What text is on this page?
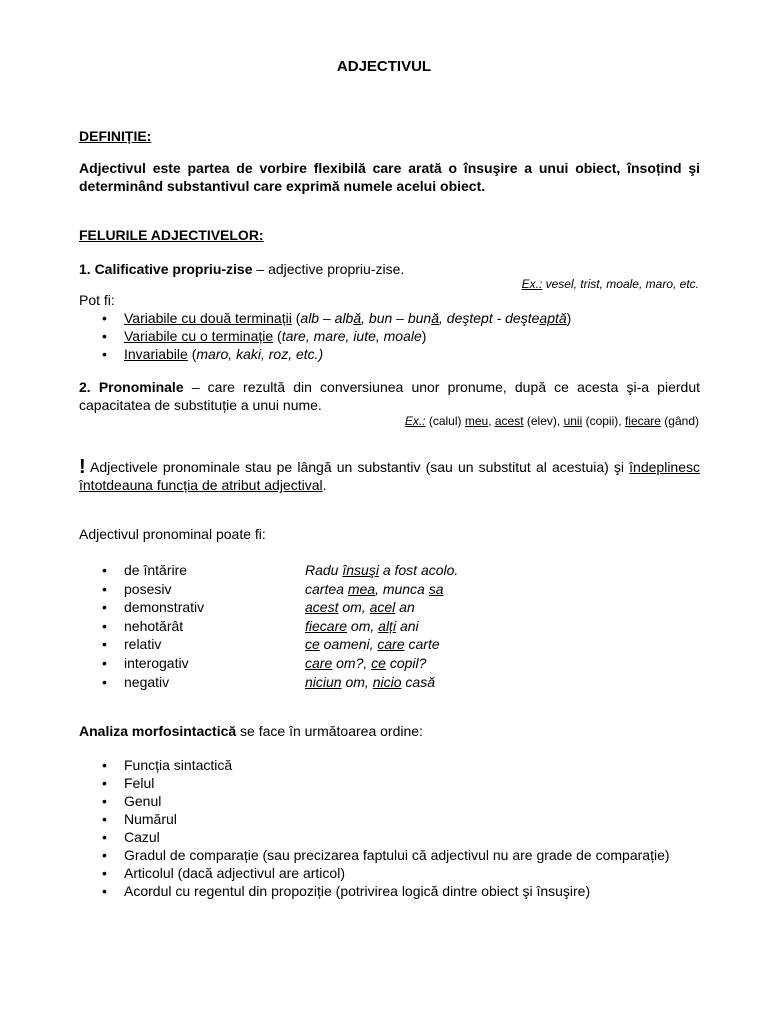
ADJECTIVUL
DEFINIȚIE:
Adjectivul este partea de vorbire flexibilă care arată o însuşire a unui obiect, însoțind şi determinând substantivul care exprimă numele acelui obiect.
FELURILE ADJECTIVELOR:
1. Calificative propriu-zise – adjective propriu-zise.
Ex.: vesel, trist, moale, maro, etc.
Pot fi:
• Variabile cu două terminații (alb – albă, bun – bună, deştept - deşteaptă)
• Variabile cu o terminație (tare, mare, iute, moale)
• Invariabile (maro, kaki, roz, etc.)
2. Pronominale – care rezultă din conversiunea unor pronume, după ce acesta şi-a pierdut capacitatea de substituție a unui nume.
Ex.: (calul) meu, acest (elev), unii (copii), fiecare (gând)
! Adjectivele pronominale stau pe lângă un substantiv (sau un substitut al acestuia) şi îndeplinesc întotdeauna funcția de atribut adjectival.
Adjectivul pronominal poate fi:
Analiza morfosintactică se face în următoarea ordine:
• de întărire	Radu însuşi a fost acolo.
• posesiv	cartea mea, munca sa
• demonstrativ	acest om, acel an
• nehotărât	fiecare om, alți ani
• relativ	ce oameni, care carte
• interogativ	care om?, ce copil?
• negativ	niciun om, nicio casă
• Funcția sintactică
• Felul
• Genul
• Numărul
• Cazul
• Gradul de comparație (sau precizarea faptului că adjectivul nu are grade de comparație)
• Articolul (dacă adjectivul are articol)
• Acordul cu regentul din propoziție (potrivirea logică dintre obiect şi însuşire)
